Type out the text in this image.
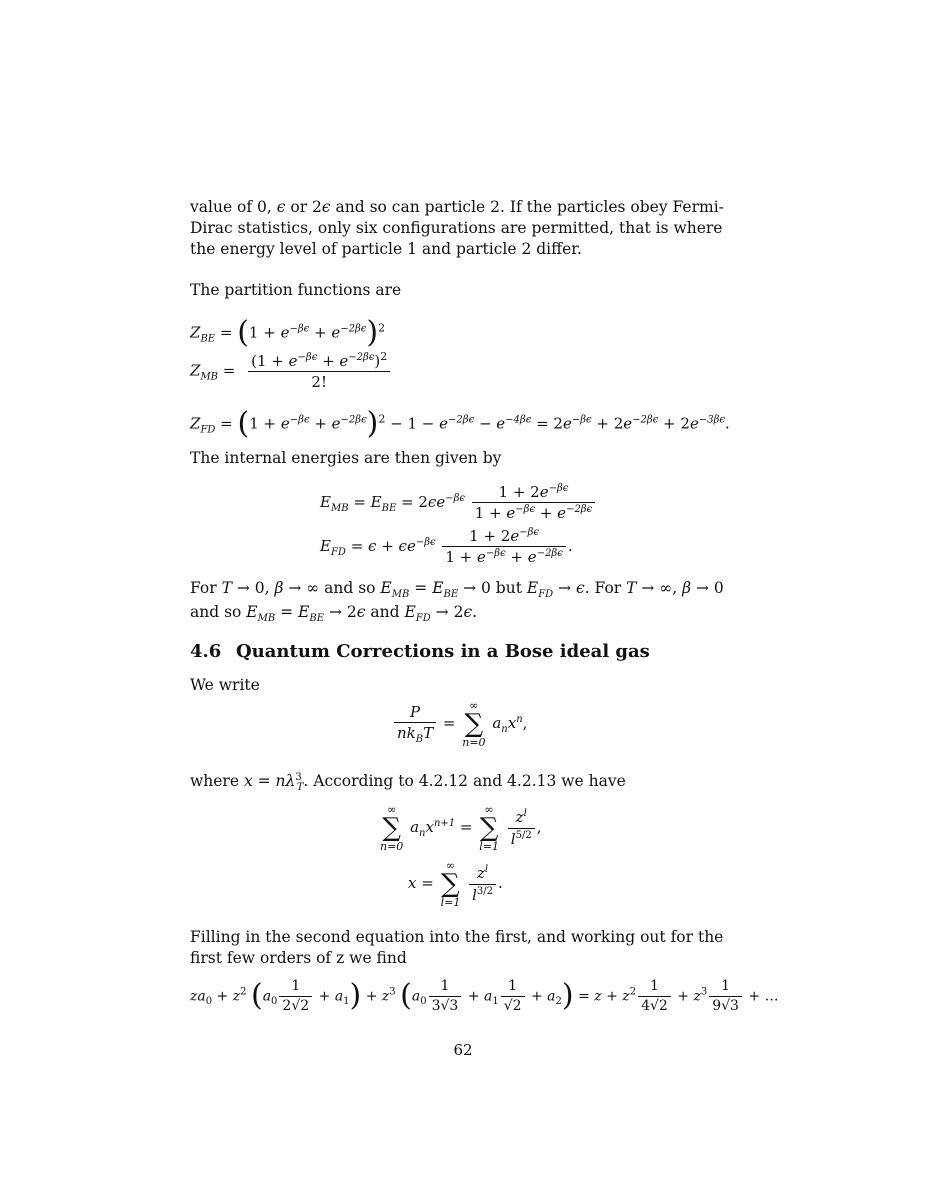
value of 0, ϵ or 2ϵ and so can particle 2. If the particles obey Fermi-Dirac statistics, only six configurations are permitted, that is where the energy level of particle 1 and particle 2 differ.

The partition functions are
$Z_{BE} = (1 + e^{-\beta\epsilon} + e^{-2\beta\epsilon})^2$
$Z_{MB} = \frac{(1 + e^{-\beta\epsilon} + e^{-2\beta\epsilon})^2}{2!}$
$Z_{FD} = (1 + e^{-\beta\epsilon} + e^{-2\beta\epsilon})^2 - 1 - e^{-2\beta\epsilon} - e^{-4\beta\epsilon} = 2e^{-\beta\epsilon} + 2e^{-2\beta\epsilon} + 2e^{-3\beta\epsilon}$.
The internal energies are then given by
$E_{MB} = E_{BE} = 2\epsilon e^{-\beta\epsilon} \frac{1 + 2e^{-\beta\epsilon}}{1 + e^{-\beta\epsilon} + e^{-2\beta\epsilon}}$
$E_{FD} = \epsilon + \epsilon e^{-\beta\epsilon} \frac{1 + 2e^{-\beta\epsilon}}{1 + e^{-\beta\epsilon} + e^{-2\beta\epsilon}}$ .

For T → 0, β → ∞ and so $E_{MB} = E_{BE} \to 0$ but $E_{FD} \to \epsilon$. For T → ∞, β → 0 and so $E_{MB} = E_{BE} \to 2\epsilon$ and $E_{FD} \to 2\epsilon$.

4.6 Quantum Corrections in a Bose ideal gas
We write
$\frac{P}{nk_BT}$ =
∞
∑
n=0
$a_nx^n$,

where $x = n\lambda^3_T$. According to 4.2.12 and 4.2.13 we have

∞
∑
n=0
$a_nx^{n+1}$ =
∞
∑
l=1
$\frac{z^l}{l^{5/2}}$ ,
x =
∞
∑
l=1
$\frac{z^l}{l^{3/2}}$ .
Filling in the second equation into the first, and working out for the first few orders of z we find
$za_0 + z^2$ $(a_0 \frac{1}{2√2} + a_1) + z^3$ $(a_0 \frac{1}{3√3} + a_1 \frac{1}{√2} + a_2) = z + z^2 \frac{1}{4√2} + z^3 \frac{1}{9√3}$ + …
62
